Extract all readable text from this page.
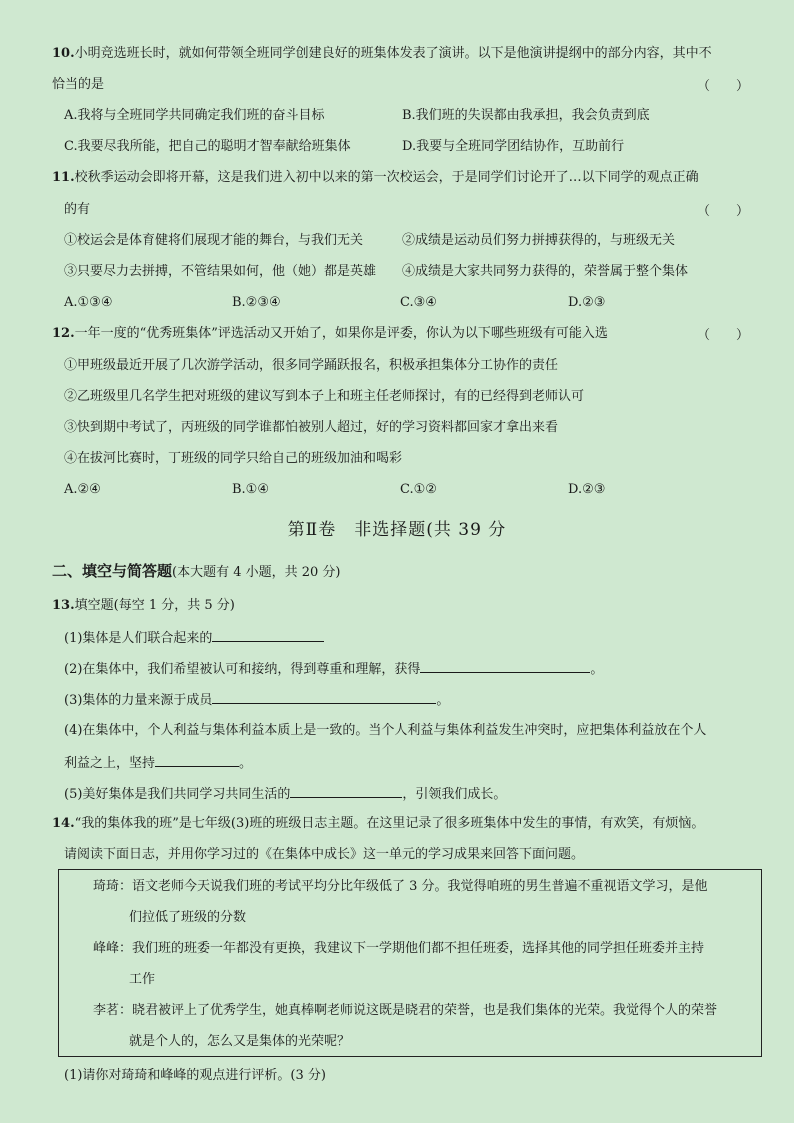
10.小明竞选班长时，就如何带领全班同学创建良好的班集体发表了演讲。以下是他演讲提纲中的部分内容，其中不
恰当的是	（　　）
A.我将与全班同学共同确定我们班的奋斗目标	B.我们班的失误都由我承担，我会负责到底
C.我要尽我所能，把自己的聪明才智奉献给班集体	D.我要与全班同学团结协作，互助前行
11.校秋季运动会即将开幕，这是我们进入初中以来的第一次校运会，于是同学们讨论开了…以下同学的观点正确
的有	（　　）
①校运会是体育健将们展现才能的舞台，与我们无关	②成绩是运动员们努力拼搏获得的，与班级无关
③只要尽力去拼搏，不管结果如何，他（她）都是英雄 ④成绩是大家共同努力获得的，荣誉属于整个集体
A.①③④	B.②③④	C.③④	D.②③
12.一年一度的“优秀班集体”评选活动又开始了，如果你是评委，你认为以下哪些班级有可能入选	（　　）
①甲班级最近开展了几次游学活动，很多同学踊跃报名，积极承担集体分工协作的责任
②乙班级里几名学生把对班级的建议写到本子上和班主任老师探讨，有的已经得到老师认可
③快到期中考试了，丙班级的同学谁都怕被别人超过，好的学习资料都回家才拿出来看
④在拔河比赛时，丁班级的同学只给自己的班级加油和喝彩
A.②④	B.①④	C.①②	D.②③
第Ⅱ卷　非选择题(共 39 分
二、填空与简答题(本大题有 4 小题，共 20 分)
13.填空题(每空 1 分，共 5 分)
(1)集体是人们联合起来的
(2)在集体中，我们希望被认可和接纳，得到尊重和理解，获得	。
(3)集体的力量来源于成员	。
(4)在集体中，个人利益与集体利益本质上是一致的。当个人利益与集体利益发生冲突时，应把集体利益放在个人
利益之上，坚持	。
(5)美好集体是我们共同学习共同生活的	，引领我们成长。
14.“我的集体我的班”是七年级(3)班的班级日志主题。在这里记录了很多班集体中发生的事情，有欢笑，有烦恼。
请阅读下面日志，并用你学习过的《在集体中成长》这一单元的学习成果来回答下面问题。
琦琦： 语文老师今天说我们班的考试平均分比年级低了 3 分。我觉得咱班的男生普遍不重视语文学习，是他
们拉低了班级的分数
峰峰： 我们班的班委一年都没有更换，我建议下一学期他们都不担任班委，选择其他的同学担任班委并主持
工作
李茗： 晓君被评上了优秀学生，她真棒啊老师说这既是晓君的荣誉，也是我们集体的光荣。我觉得个人的荣誉
就是个人的，怎么又是集体的光荣呢？
(1)请你对琦琦和峰峰的观点进行评析。(3 分)
